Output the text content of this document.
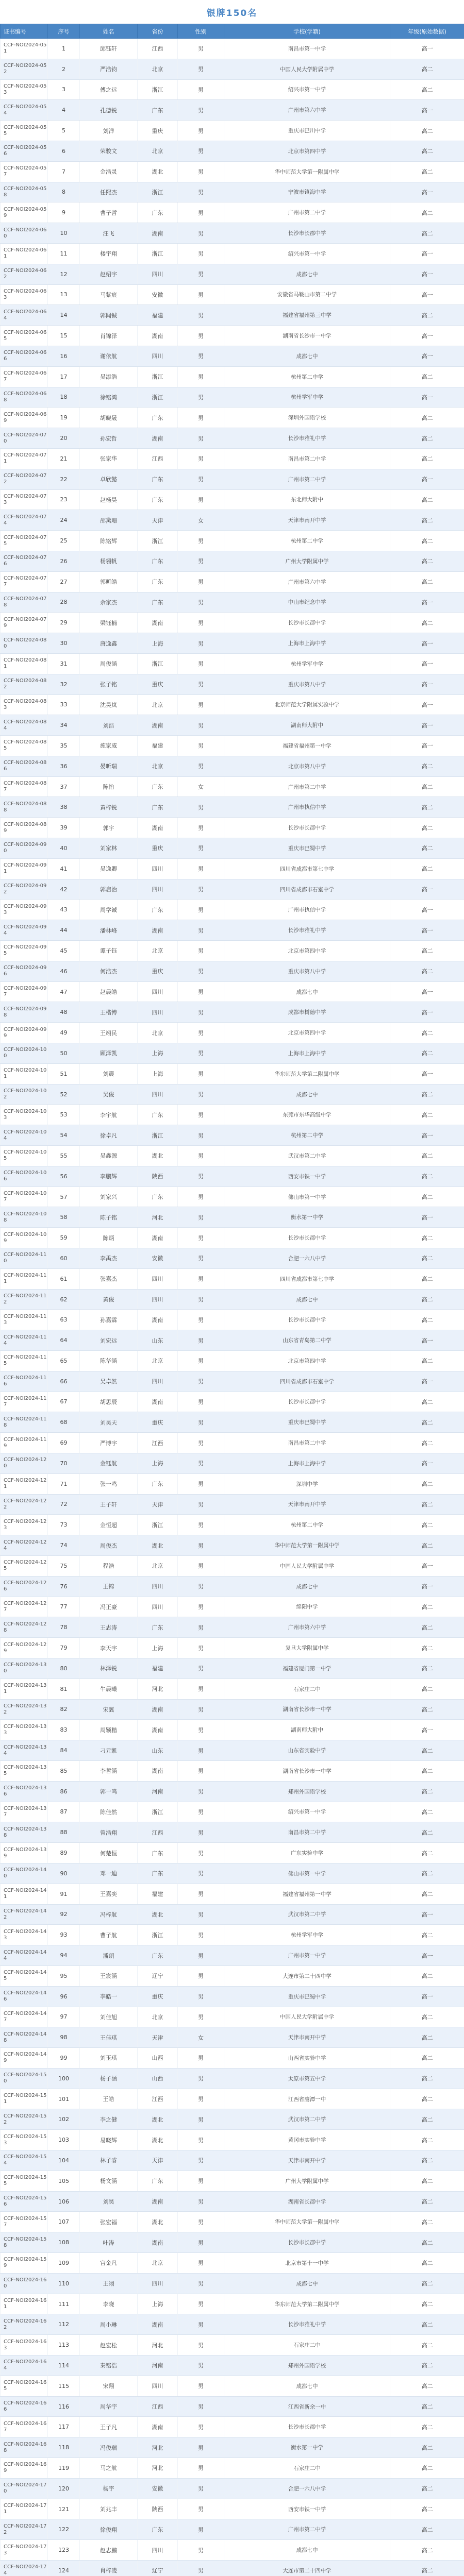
银牌150名
证书编号	序号	姓名	省份	性别	学校(学籍)	年级(原始数据)
CCF-NOI2024-051	1	邱钰轩	江西	男	南昌市第一中学	高一
CCF-NOI2024-052	2	严浩钧	北京	男	中国人民大学附属中学	高二
CCF-NOI2024-053	3	傅之远	浙江	男	绍兴市第一中学	高二
CCF-NOI2024-054	4	孔德锐	广东	男	广州市第六中学	高一
CCF-NOI2024-055	5	刘洋	重庆	男	重庆市巴川中学	高二
CCF-NOI2024-056	6	荣骏文	北京	男	北京市第四中学	高二
CCF-NOI2024-057	7	金浩灵	湖北	男	华中师范大学第一附属中学	高二
CCF-NOI2024-058	8	任熙杰	浙江	男	宁波市镇海中学	高一
CCF-NOI2024-059	9	曹子哲	广东	男	广州市第二中学	高二
CCF-NOI2024-060	10	汪飞	湖南	男	长沙市长郡中学	高二
CCF-NOI2024-061	11	楼宇翔	浙江	男	绍兴市第一中学	高一
CCF-NOI2024-062	12	赵绍宇	四川	男	成都七中	高一
CCF-NOI2024-063	13	马紫宸	安徽	男	安徽省马鞍山市第二中学	高一
CCF-NOI2024-064	14	郭闻铖	福建	男	福建省福州第三中学	高二
CCF-NOI2024-065	15	肖锦泽	湖南	男	湖南省长沙市一中学	高一
CCF-NOI2024-066	16	谢依航	四川	男	成都七中	高一
CCF-NOI2024-067	17	吴添浩	浙江	男	杭州第二中学	高二
CCF-NOI2024-068	18	徐铭鸿	浙江	男	杭州学军中学	高一
CCF-NOI2024-069	19	胡晓晟	广东	男	深圳外国语学校	高二
CCF-NOI2024-070	20	孙宏哲	湖南	男	长沙市雅礼中学	高二
CCF-NOI2024-071	21	张家华	江西	男	南昌市第二中学	高二
CCF-NOI2024-072	22	卓欣懿	广东	男	广州市第二中学	高一
CCF-NOI2024-073	23	赵杨昊	广东	男	东北师大附中	高二
CCF-NOI2024-074	24	邵黛珊	天津	女	天津市南开中学	高二
CCF-NOI2024-075	25	陈铭辉	浙江	男	杭州第二中学	高二
CCF-NOI2024-076	26	杨翎帆	广东	男	广州大学附属中学	高二
CCF-NOI2024-077	27	郭昕皓	广东	男	广州市第六中学	高二
CCF-NOI2024-078	28	余家杰	广东	男	中山市纪念中学	高一
CCF-NOI2024-079	29	梁钰楠	湖南	男	长沙市长郡中学	高二
CCF-NOI2024-080	30	唐逸鑫	上海	男	上海市上海中学	高一
CCF-NOI2024-081	31	周俊涵	浙江	男	杭州学军中学	高一
CCF-NOI2024-082	32	张子铭	重庆	男	重庆市第八中学	高一
CCF-NOI2024-083	33	沈昊岚	北京	男	北京师范大学附属实验中学	高一
CCF-NOI2024-084	34	刘浩	湖南	男	湖南师大附中	高一
CCF-NOI2024-085	35	施家威	福建	男	福建省福州第一中学	高一
CCF-NOI2024-086	36	晏昕瑞	北京	男	北京市第八中学	高二
CCF-NOI2024-087	37	陈怡	广东	女	广州市第二中学	高二
CCF-NOI2024-088	38	黄梓锐	广东	男	广州市执信中学	高二
CCF-NOI2024-089	39	郭宇	湖南	男	长沙市长郡中学	高二
CCF-NOI2024-090	40	刘家林	重庆	男	重庆市巴蜀中学	高二
CCF-NOI2024-091	41	吴逸卿	四川	男	四川省成都市第七中学	高二
CCF-NOI2024-092	42	郭启治	四川	男	四川省成都市石室中学	高一
CCF-NOI2024-093	43	周学诚	广东	男	广州市执信中学	高一
CCF-NOI2024-094	44	潘林峰	湖南	男	长沙市雅礼中学	高一
CCF-NOI2024-095	45	谭子钰	北京	男	北京市第四中学	高二
CCF-NOI2024-096	46	何浩杰	重庆	男	重庆市第八中学	高二
CCF-NOI2024-097	47	赵晨皓	四川	男	成都七中	高一
CCF-NOI2024-098	48	王楷博	四川	男	成都市树德中学	高一
CCF-NOI2024-099	49	王翊民	北京	男	北京市第四中学	高二
CCF-NOI2024-100	50	顾泽凯	上海	男	上海市上海中学	高二
CCF-NOI2024-101	51	刘震	上海	男	华东师范大学第二附属中学	高一
CCF-NOI2024-102	52	吴俊	四川	男	成都七中	高二
CCF-NOI2024-103	53	李宇航	广东	男	东莞市东华高级中学	高二
CCF-NOI2024-104	54	徐卓凡	浙江	男	杭州第二中学	高一
CCF-NOI2024-105	55	吴鑫源	湖北	男	武汉市第二中学	高二
CCF-NOI2024-106	56	李鹏辉	陕西	男	西安市铁一中学	高二
CCF-NOI2024-107	57	刘家兴	广东	男	佛山市第一中学	高二
CCF-NOI2024-108	58	陈子铭	河北	男	衡水第一中学	高一
CCF-NOI2024-109	59	陈炳	湖南	男	长沙市长郡中学	高二
CCF-NOI2024-110	60	李禹杰	安徽	男	合肥一六八中学	高二
CCF-NOI2024-111	61	张嘉杰	四川	男	四川省成都市第七中学	高二
CCF-NOI2024-112	62	黄俊	四川	男	成都七中	高二
CCF-NOI2024-113	63	孙嘉霖	湖南	男	长沙市长郡中学	高二
CCF-NOI2024-114	64	刘宏远	山东	男	山东省青岛第二中学	高一
CCF-NOI2024-115	65	陈华涵	北京	男	北京市第四中学	高二
CCF-NOI2024-116	66	吴卓然	四川	男	四川省成都市石室中学	高一
CCF-NOI2024-117	67	胡思辰	湖南	男	长沙市长郡中学	高二
CCF-NOI2024-118	68	刘昊天	重庆	男	重庆市巴蜀中学	高二
CCF-NOI2024-119	69	严博宇	江西	男	南昌市第二中学	高二
CCF-NOI2024-120	70	金钰航	上海	男	上海市上海中学	高一
CCF-NOI2024-121	71	张一鸣	广东	男	深圳中学	高二
CCF-NOI2024-122	72	王子轩	天津	男	天津市南开中学	高二
CCF-NOI2024-123	73	金恒超	浙江	男	杭州第二中学	高二
CCF-NOI2024-124	74	周俊杰	湖北	男	华中师范大学第一附属中学	高二
CCF-NOI2024-125	75	程浩	北京	男	中国人民大学附属中学	高一
CCF-NOI2024-126	76	王锦	四川	男	成都七中	高一
CCF-NOI2024-127	77	冯正豪	四川	男	绵阳中学	高二
CCF-NOI2024-128	78	王志涛	广东	男	广州市第六中学	高二
CCF-NOI2024-129	79	李天宇	上海	男	复旦大学附属中学	高二
CCF-NOI2024-130	80	林泽锐	福建	男	福建省厦门第一中学	高二
CCF-NOI2024-131	81	牛晨曦	河北	男	石家庄二中	高二
CCF-NOI2024-132	82	宋翼	湖南	男	湖南省长沙市一中学	高二
CCF-NOI2024-133	83	周颖楷	湖南	男	湖南师大附中	高一
CCF-NOI2024-134	84	刁元凯	山东	男	山东省实验中学	高二
CCF-NOI2024-135	85	李哲涵	湖南	男	湖南省长沙市一中学	高二
CCF-NOI2024-136	86	郭一鸣	河南	男	郑州外国语学校	高二
CCF-NOI2024-137	87	陈佳然	浙江	男	绍兴市第一中学	高二
CCF-NOI2024-138	88	曾浩翔	江西	男	南昌市第二中学	高二
CCF-NOI2024-139	89	何楚恒	广东	男	广东实验中学	高二
CCF-NOI2024-140	90	邓一迪	广东	男	佛山市第一中学	高二
CCF-NOI2024-141	91	王嘉奕	福建	男	福建省福州第一中学	高二
CCF-NOI2024-142	92	冯梓航	湖北	男	武汉市第二中学	高一
CCF-NOI2024-143	93	曹子航	浙江	男	杭州学军中学	高二
CCF-NOI2024-144	94	潘朗	广东	男	广州市第一中学	高一
CCF-NOI2024-145	95	王宸涵	辽宁	男	大连市第二十四中学	高二
CCF-NOI2024-146	96	李皓一	重庆	男	重庆市巴蜀中学	高一
CCF-NOI2024-147	97	刘佳旭	北京	男	中国人民大学附属中学	高二
CCF-NOI2024-148	98	王佳琪	天津	女	天津市南开中学	高二
CCF-NOI2024-149	99	刘玉琪	山西	男	山西省实验中学	高二
CCF-NOI2024-150	100	杨子涵	山西	男	太原市第五中学	高二
CCF-NOI2024-151	101	王皓	江西	男	江西省鹰潭一中	高二
CCF-NOI2024-152	102	李之健	湖北	男	武汉市第二中学	高二
CCF-NOI2024-153	103	易晓辉	湖北	男	黄冈市实验中学	高二
CCF-NOI2024-154	104	林子睿	天津	男	天津市南开中学	高二
CCF-NOI2024-155	105	杨文涵	广东	男	广州大学附属中学	高二
CCF-NOI2024-156	106	刘昊	湖南	男	湖南省长郡中学	高二
CCF-NOI2024-157	107	张宏福	湖北	男	华中师范大学第一附属中学	高二
CCF-NOI2024-158	108	叶涛	湖南	男	长沙市长郡中学	高二
CCF-NOI2024-159	109	宫金凡	北京	男	北京市第十一中学	高二
CCF-NOI2024-160	110	王翊	四川	男	成都七中	高二
CCF-NOI2024-161	111	李晓	上海	男	华东师范大学第二附属中学	高二
CCF-NOI2024-162	112	周小琳	湖南	男	长沙市雅礼中学	高二
CCF-NOI2024-163	113	赵宏松	河北	男	石家庄二中	高二
CCF-NOI2024-164	114	秦铭浩	河南	男	郑州外国语学校	高二
CCF-NOI2024-165	115	宋翔	四川	男	成都七中	高二
CCF-NOI2024-166	116	周华宇	江西	男	江西省新余一中	高二
CCF-NOI2024-167	117	王子凡	湖南	男	长沙市长郡中学	高二
CCF-NOI2024-168	118	冯俊瑞	河北	男	衡水第一中学	高二
CCF-NOI2024-169	119	马之航	河北	男	石家庄二中	高二
CCF-NOI2024-170	120	杨宇	安徽	男	合肥一六八中学	高二
CCF-NOI2024-171	121	刘兆丰	陕西	男	西安市铁一中学	高二
CCF-NOI2024-172	122	徐俊翔	广东	男	广州市第二中学	高二
CCF-NOI2024-173	123	赵志鹏	四川	男	成都七中	高二
CCF-NOI2024-174	124	肖梓凌	辽宁	男	大连市第二十四中学	高二
